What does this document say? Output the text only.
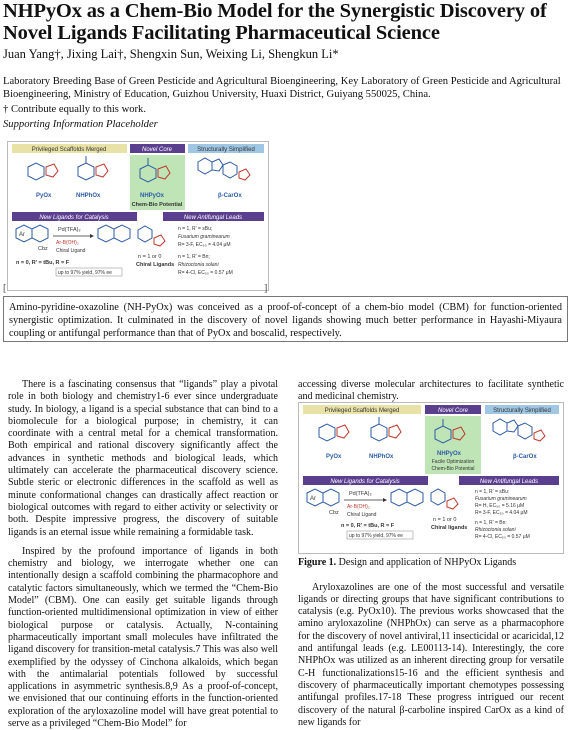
NHPyOx as a Chem-Bio Model for the Synergistic Discovery of Novel Ligands Facilitating Pharmaceutical Science
Juan Yang†, Jixing Lai†, Shengxin Sun, Weixing Li, Shengkun Li*
Laboratory Breeding Base of Green Pesticide and Agricultural Bioengineering, Key Laboratory of Green Pesticide and Agricultural Bioengineering, Ministry of Education, Guizhou University, Huaxi District, Guiyang 550025, China.
† Contribute equally to this work.
Supporting Information Placeholder
Privileged Scaffolds Merged	Novel Core	Structurally Simplified
PyOx	NHPhOx	NHPyOx
Chem-Bio Potential
β-CarOx
New Ligands for Catalysis	New Antifungal Leads
Ar
Cbz
Pd(TFA)₂
Ar-B(OH)₂
Chiral Ligand
n = 0, R' = tBu, R = F
up to 97% yield, 97% ee
n = 1 or 0
Chiral Ligands
n = 1, R' = sBu;
Fusarium graminearum
R= 3-F, EC₅₀ = 4.04 μM
n = 1, R' = Bn;
Rhizoctonia solani
R= 4-Cl, EC₅₀ = 0.57 μM
[	]
Amino-pyridine-oxazoline (NH-PyOx) was conceived as a proof-of-concept of a chem-bio model (CBM) for function-oriented synergistic optimization. It culminated in the discovery of novel ligands showing much better performance in Hayashi-Miyaura coupling or antifungal performance than that of PyOx and boscalid, respectively.

There is a fascinating consensus that “ligands” play a pivotal role in both biology and chemistry1-6 ever since undergraduate study. In biology, a ligand is a special substance that can bind to a biomolecule for a biological purpose; in chemistry, it can coordinate with a central metal for a chemical transformation. Both empirical and rational discovery significantly affect the advances in synthetic methods and biological leads, which ultimately can accelerate the pharmaceutical discovery science. Subtle steric or electronic differences in the scaffold as well as minute conformational changes can drastically affect reaction or biological outcomes with regard to either activity or selectivity or both. Despite impressive progress, the discovery of suitable ligands is an eternal issue while remaining a formidable task.

Inspired by the profound importance of ligands in both chemistry and biology, we interrogate whether one can intentionally design a scaffold combining the pharmacophore and catalytic factors simultaneously, which we termed the “Chem-Bio Model” (CBM). One can easily get suitable ligands through function-oriented multidimensional optimization in view of either biological purpose or catalysis. Actually, N-containing pharmaceutically important small molecules have infiltrated the ligand discovery for transition-metal catalysis.7 This was also well exemplified by the odyssey of Cinchona alkaloids, which began with the antimalarial potentials followed by successful applications in asymmetric synthesis.8,9 As a proof-of-concept, we envisioned that our continuing efforts in the function-oriented exploration of the aryloxazoline model will have great potential to serve as a privileged “Chem-Bio Model” for

accessing diverse molecular architectures to facilitate synthetic and medicinal chemistry.

Aryloxazolines are one of the most successful and versatile ligands or directing groups that have significant contributions to catalysis (e.g. PyOx10). The previous works showcased that the amino aryloxazoline (NHPhOx) can serve as a pharmacophore for the discovery of novel antiviral,11 insecticidal or acaricidal,12 and antifungal leads (e.g. LE00113-14). Interestingly, the core NHPhOx was utilized as an inherent directing group for versatile C-H functionalizations15-16 and the efficient synthesis and discovery of pharmaceutically important chemotypes possessing antifungal profiles.17-18 These progress intrigued our recent discovery of the natural β-carboline inspired CarOx as a kind of new ligands for

Privileged Scaffolds Merged	Novel Core	Structurally Simplified
PyOx	NHPhOx	NHPyOx
Facile Optimization
Chem-Bio Potential
β-CarOx
New Ligands for Catalysis	New Antifungal Leads
Ar
Cbz
Pd(TFA)₂
Ar-B(OH)₂
Chiral Ligand
n = 0, R' = tBu, R = F
up to 97% yield, 97% ee
n = 1 or 0
Chiral ligands
n = 1, R' = sBu:
Fusarium graminearum
R= H, EC₅₀ = 5.16 μM
R= 3-F, EC₅₀ = 4.04 μM
n = 1, R' = Bn:
Rhizoctonia solani
R= 4-Cl, EC₅₀ = 0.57 μM
Figure 1. Design and application of NHPyOx Ligands
